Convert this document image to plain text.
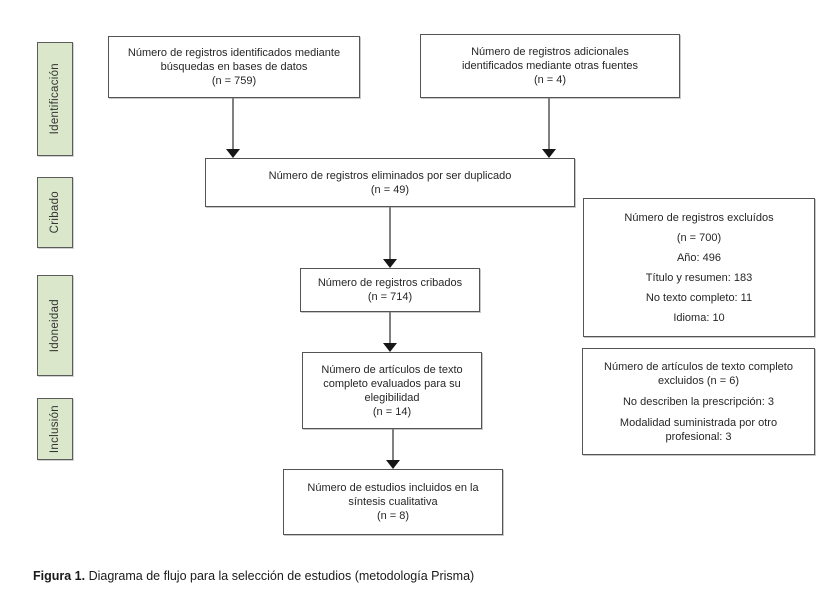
Identificación
Cribado
Idoneidad
Inclusión
Número de registros identificados mediante
búsquedas en bases de datos
(n = 759)
Número de registros adicionales
identificados mediante otras fuentes
(n = 4)
Número de registros eliminados por ser duplicado
(n = 49)
Número de registros cribados
(n = 714)
Número de artículos de texto
completo evaluados para su
elegibilidad
(n = 14)
Número de estudios incluidos en la
síntesis cualitativa
(n = 8)
Número de registros excluídos
(n = 700)
Año: 496
Título y resumen: 183
No texto completo: 11
Idioma: 10
Número de artículos de texto completo
excluidos (n = 6)
No describen la prescripción: 3
Modalidad suministrada por otro
profesional: 3
Figura 1. Diagrama de flujo para la selección de estudios (metodología Prisma)
